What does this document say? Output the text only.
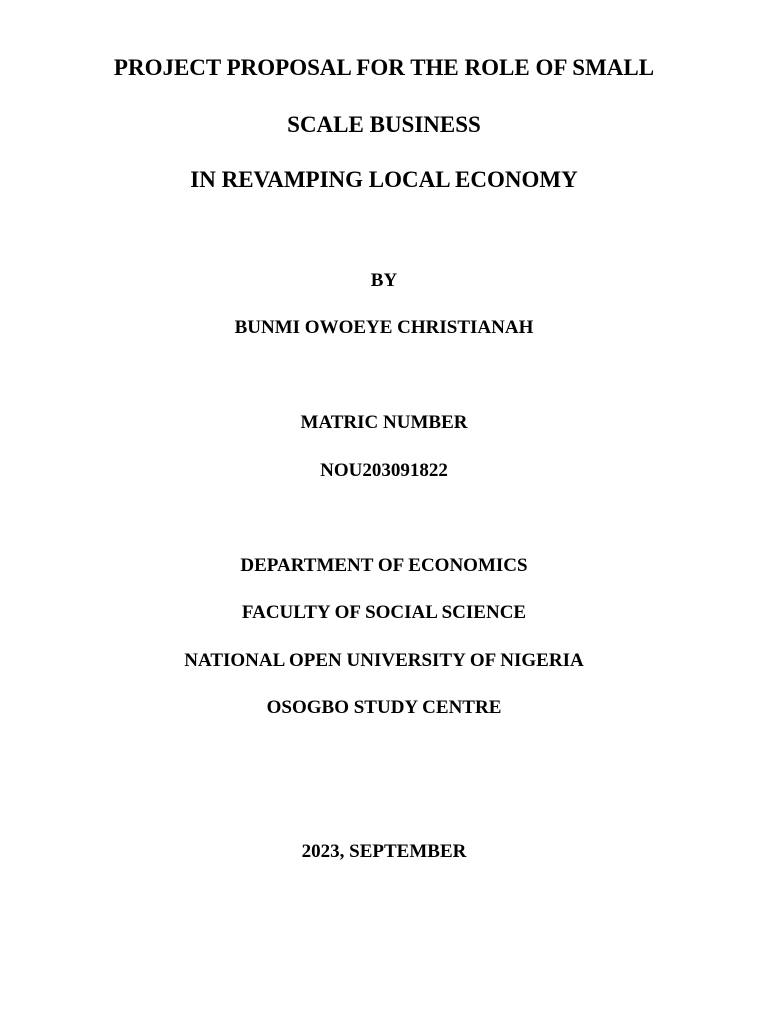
PROJECT PROPOSAL FOR THE ROLE OF SMALL
SCALE BUSINESS
IN REVAMPING LOCAL ECONOMY
BY
BUNMI OWOEYE CHRISTIANAH
MATRIC NUMBER
NOU203091822
DEPARTMENT OF ECONOMICS
FACULTY OF SOCIAL SCIENCE
NATIONAL OPEN UNIVERSITY OF NIGERIA
OSOGBO STUDY CENTRE
2023, SEPTEMBER
